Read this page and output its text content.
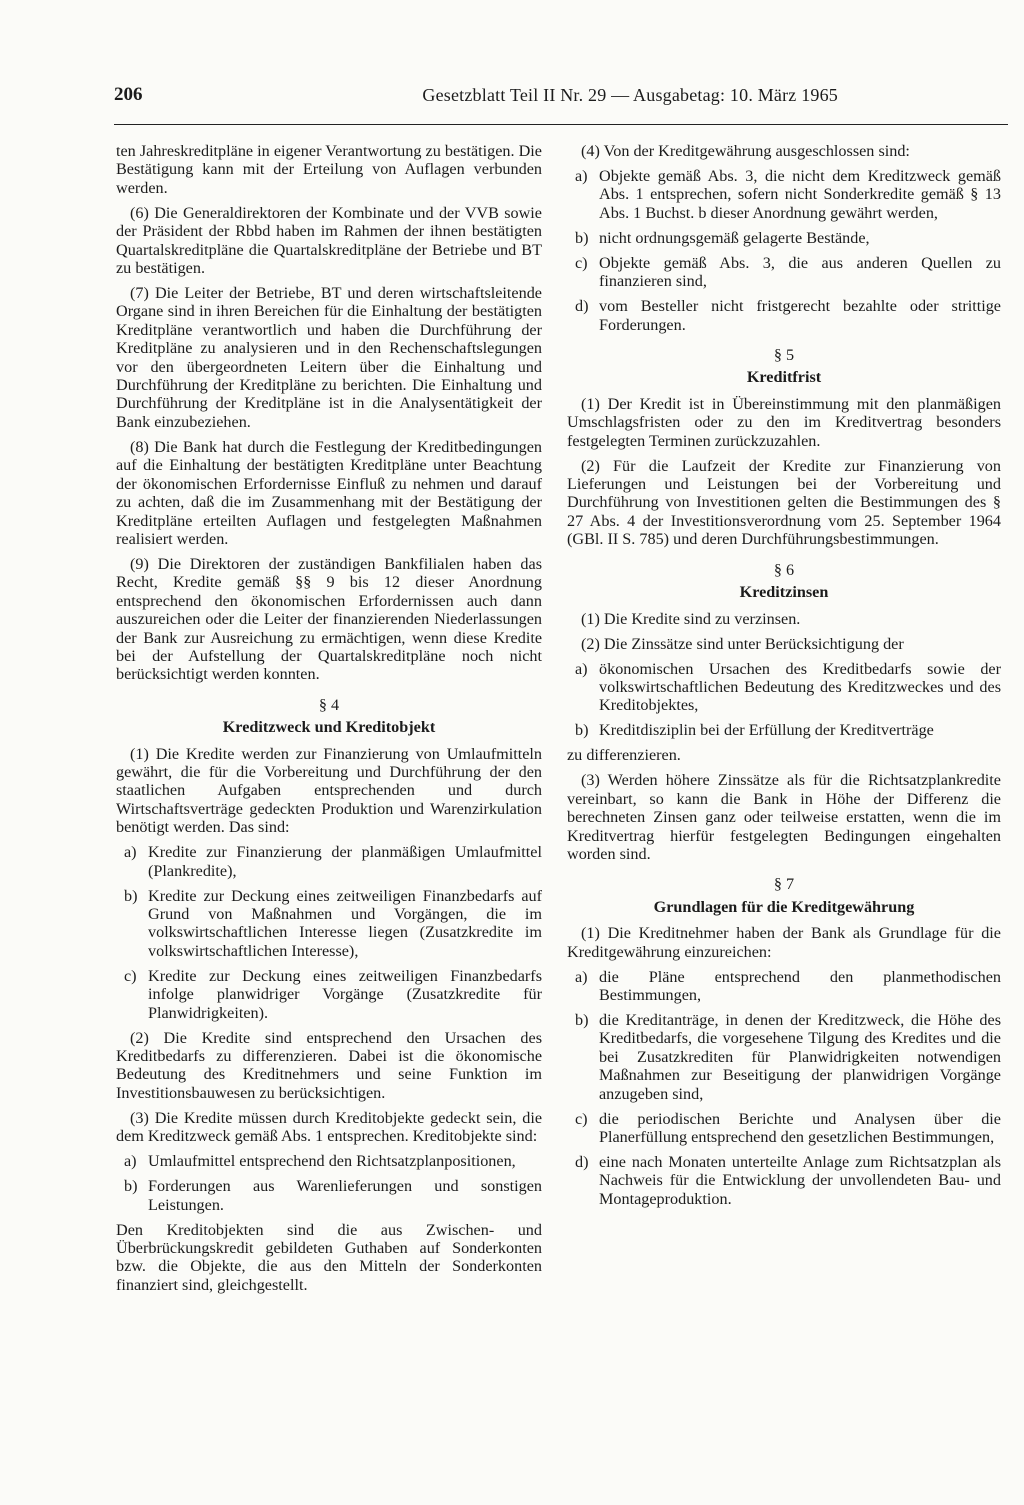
206	Gesetzblatt Teil II Nr. 29 — Ausgabetag: 10. März 1965

ten Jahreskreditpläne in eigener Verantwortung zu bestätigen. Die Bestätigung kann mit der Erteilung von Auflagen verbunden werden.

(6) Die Generaldirektoren der Kombinate und der VVB sowie der Präsident der Rbbd haben im Rahmen der ihnen bestätigten Quartalskreditpläne die Quartalskreditpläne der Betriebe und BT zu bestätigen.

(7) Die Leiter der Betriebe, BT und deren wirtschaftsleitende Organe sind in ihren Bereichen für die Einhaltung der bestätigten Kreditpläne verantwortlich und haben die Durchführung der Kreditpläne zu analysieren und in den Rechenschaftslegungen vor den übergeordneten Leitern über die Einhaltung und Durchführung der Kreditpläne zu berichten. Die Einhaltung und Durchführung der Kreditpläne ist in die Analysentätigkeit der Bank einzubeziehen.

(8) Die Bank hat durch die Festlegung der Kreditbedingungen auf die Einhaltung der bestätigten Kreditpläne unter Beachtung der ökonomischen Erfordernisse Einfluß zu nehmen und darauf zu achten, daß die im Zusammenhang mit der Bestätigung der Kreditpläne erteilten Auflagen und festgelegten Maßnahmen realisiert werden.

(9) Die Direktoren der zuständigen Bankfilialen haben das Recht, Kredite gemäß §§ 9 bis 12 dieser Anordnung entsprechend den ökonomischen Erfordernissen auch dann auszureichen oder die Leiter der finanzierenden Niederlassungen der Bank zur Ausreichung zu ermächtigen, wenn diese Kredite bei der Aufstellung der Quartalskreditpläne noch nicht berücksichtigt werden konnten.

§ 4
Kreditzweck und Kreditobjekt

(1) Die Kredite werden zur Finanzierung von Umlaufmitteln gewährt, die für die Vorbereitung und Durchführung der den staatlichen Aufgaben entsprechenden und durch Wirtschaftsverträge gedeckten Produktion und Warenzirkulation benötigt werden. Das sind:

a) Kredite zur Finanzierung der planmäßigen Umlaufmittel (Plankredite),
b) Kredite zur Deckung eines zeitweiligen Finanzbedarfs auf Grund von Maßnahmen und Vorgängen, die im volkswirtschaftlichen Interesse liegen (Zusatzkredite im volkswirtschaftlichen Interesse),
c) Kredite zur Deckung eines zeitweiligen Finanzbedarfs infolge planwidriger Vorgänge (Zusatzkredite für Planwidrigkeiten).

(2) Die Kredite sind entsprechend den Ursachen des Kreditbedarfs zu differenzieren. Dabei ist die ökonomische Bedeutung des Kreditnehmers und seine Funktion im Investitionsbauwesen zu berücksichtigen.

(3) Die Kredite müssen durch Kreditobjekte gedeckt sein, die dem Kreditzweck gemäß Abs. 1 entsprechen. Kreditobjekte sind:

a) Umlaufmittel entsprechend den Richtsatzplanpositionen,
b) Forderungen aus Warenlieferungen und sonstigen Leistungen.

Den Kreditobjekten sind die aus Zwischen- und Überbrückungskredit gebildeten Guthaben auf Sonderkonten bzw. die Objekte, die aus den Mitteln der Sonderkonten finanziert sind, gleichgestellt.

(4) Von der Kreditgewährung ausgeschlossen sind:

a) Objekte gemäß Abs. 3, die nicht dem Kreditzweck gemäß Abs. 1 entsprechen, sofern nicht Sonderkredite gemäß § 13 Abs. 1 Buchst. b dieser Anordnung gewährt werden,
b) nicht ordnungsgemäß gelagerte Bestände,
c) Objekte gemäß Abs. 3, die aus anderen Quellen zu finanzieren sind,
d) vom Besteller nicht fristgerecht bezahlte oder strittige Forderungen.
§ 5
Kreditfrist

(1) Der Kredit ist in Übereinstimmung mit den planmäßigen Umschlagsfristen oder zu den im Kreditvertrag besonders festgelegten Terminen zurückzuzahlen.

(2) Für die Laufzeit der Kredite zur Finanzierung von Lieferungen und Leistungen bei der Vorbereitung und Durchführung von Investitionen gelten die Bestimmungen des § 27 Abs. 4 der Investitionsverordnung vom 25. September 1964 (GBl. II S. 785) und deren Durchführungsbestimmungen.

§ 6
Kreditzinsen

(1) Die Kredite sind zu verzinsen.

(2) Die Zinssätze sind unter Berücksichtigung der

a) ökonomischen Ursachen des Kreditbedarfs sowie der volkswirtschaftlichen Bedeutung des Kreditzweckes und des Kreditobjektes,
b) Kreditdisziplin bei der Erfüllung der Kreditverträge

zu differenzieren.

(3) Werden höhere Zinssätze als für die Richtsatzplankredite vereinbart, so kann die Bank in Höhe der Differenz die berechneten Zinsen ganz oder teilweise erstatten, wenn die im Kreditvertrag hierfür festgelegten Bedingungen eingehalten worden sind.

§ 7
Grundlagen für die Kreditgewährung

(1) Die Kreditnehmer haben der Bank als Grundlage für die Kreditgewährung einzureichen:

a) die Pläne entsprechend den planmethodischen Bestimmungen,
b) die Kreditanträge, in denen der Kreditzweck, die Höhe des Kreditbedarfs, die vorgesehene Tilgung des Kredites und die bei Zusatzkrediten für Planwidrigkeiten notwendigen Maßnahmen zur Beseitigung der planwidrigen Vorgänge anzugeben sind,
c) die periodischen Berichte und Analysen über die Planerfüllung entsprechend den gesetzlichen Bestimmungen,
d) eine nach Monaten unterteilte Anlage zum Richtsatzplan als Nachweis für die Entwicklung der unvollendeten Bau- und Montageproduktion.
